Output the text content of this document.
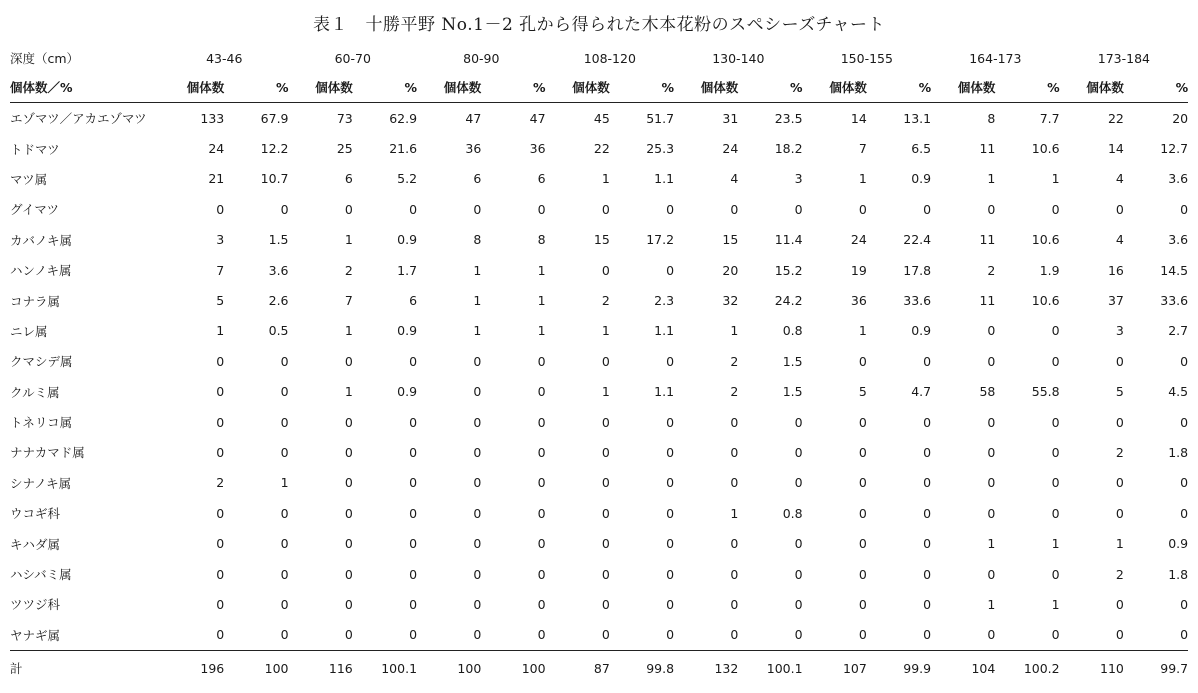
表１　十勝平野 No.1－2 孔から得られた木本花粉のスペシーズチャート
深度（cm）	43-46		60-70		80-90		108-120		130-140		150-155		164-173		173-184	
個体数／%	個体数	%	個体数	%	個体数	%	個体数	%	個体数	%	個体数	%	個体数	%	個体数	%
エゾマツ／アカエゾマツ	133	67.9	73	62.9	47	47	45	51.7	31	23.5	14	13.1	8	7.7	22	20
トドマツ	24	12.2	25	21.6	36	36	22	25.3	24	18.2	7	6.5	11	10.6	14	12.7
マツ属	21	10.7	6	5.2	6	6	1	1.1	4	3	1	0.9	1	1	4	3.6
グイマツ	0	0	0	0	0	0	0	0	0	0	0	0	0	0	0	0
カバノキ属	3	1.5	1	0.9	8	8	15	17.2	15	11.4	24	22.4	11	10.6	4	3.6
ハンノキ属	7	3.6	2	1.7	1	1	0	0	20	15.2	19	17.8	2	1.9	16	14.5
コナラ属	5	2.6	7	6	1	1	2	2.3	32	24.2	36	33.6	11	10.6	37	33.6
ニレ属	1	0.5	1	0.9	1	1	1	1.1	1	0.8	1	0.9	0	0	3	2.7
クマシデ属	0	0	0	0	0	0	0	0	2	1.5	0	0	0	0	0	0
クルミ属	0	0	1	0.9	0	0	1	1.1	2	1.5	5	4.7	58	55.8	5	4.5
トネリコ属	0	0	0	0	0	0	0	0	0	0	0	0	0	0	0	0
ナナカマド属	0	0	0	0	0	0	0	0	0	0	0	0	0	0	2	1.8
シナノキ属	2	1	0	0	0	0	0	0	0	0	0	0	0	0	0	0
ウコギ科	0	0	0	0	0	0	0	0	1	0.8	0	0	0	0	0	0
キハダ属	0	0	0	0	0	0	0	0	0	0	0	0	1	1	1	0.9
ハシバミ属	0	0	0	0	0	0	0	0	0	0	0	0	0	0	2	1.8
ツツジ科	0	0	0	0	0	0	0	0	0	0	0	0	1	1	0	0
ヤナギ属	0	0	0	0	0	0	0	0	0	0	0	0	0	0	0	0
計	196	100	116	100.1	100	100	87	99.8	132	100.1	107	99.9	104	100.2	110	99.7
